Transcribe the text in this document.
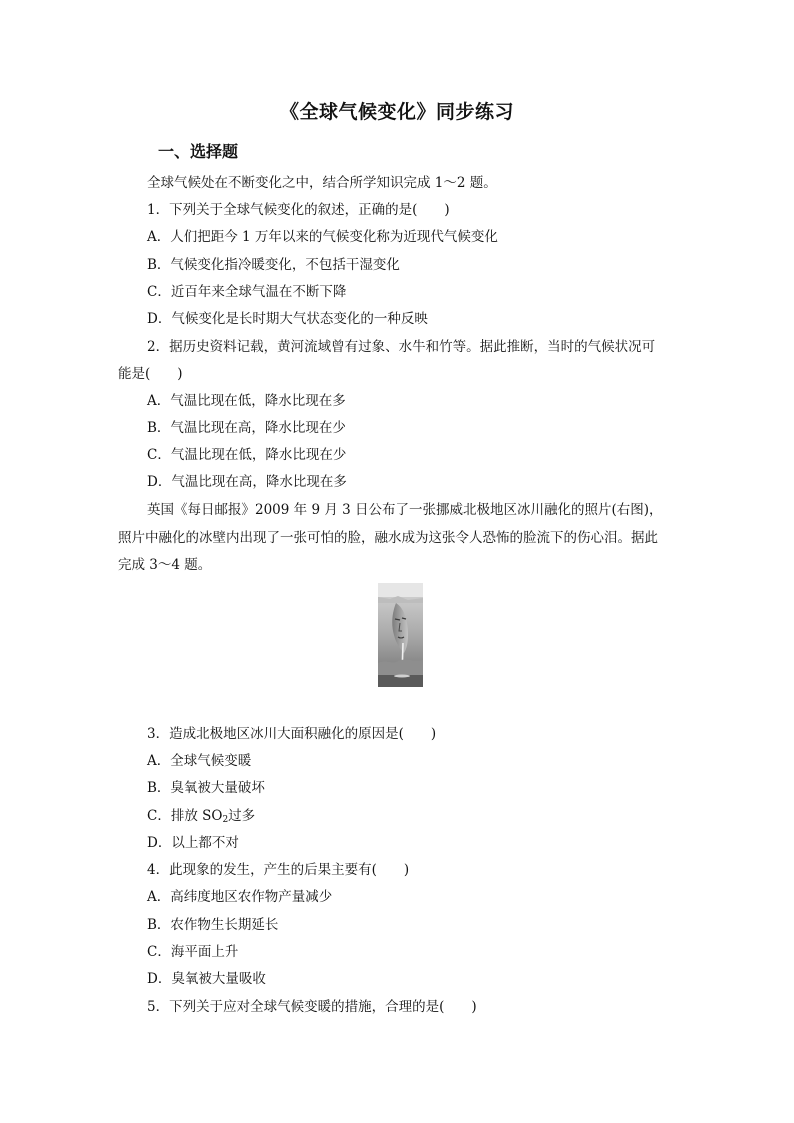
《全球气候变化》同步练习
一、选择题
全球气候处在不断变化之中，结合所学知识完成 1～2 题。
1．下列关于全球气候变化的叙述，正确的是(　　)
A．人们把距今 1 万年以来的气候变化称为近现代气候变化
B．气候变化指冷暖变化，不包括干湿变化
C．近百年来全球气温在不断下降
D．气候变化是长时期大气状态变化的一种反映
2．据历史资料记载，黄河流域曾有过象、水牛和竹等。据此推断，当时的气候状况可
能是(　　)
A．气温比现在低，降水比现在多
B．气温比现在高，降水比现在少
C．气温比现在低，降水比现在少
D．气温比现在高，降水比现在多
英国《每日邮报》2009 年 9 月 3 日公布了一张挪威北极地区冰川融化的照片(右图)，
照片中融化的冰壁内出现了一张可怕的脸，融水成为这张令人恐怖的脸流下的伤心泪。据此
完成 3～4 题。
3．造成北极地区冰川大面积融化的原因是(　　)
A．全球气候变暖
B．臭氧被大量破坏
C．排放 $SO_2$过多
D．以上都不对
4．此现象的发生，产生的后果主要有(　　)
A．高纬度地区农作物产量减少
B．农作物生长期延长
C．海平面上升
D．臭氧被大量吸收
5．下列关于应对全球气候变暖的措施，合理的是(　　)
